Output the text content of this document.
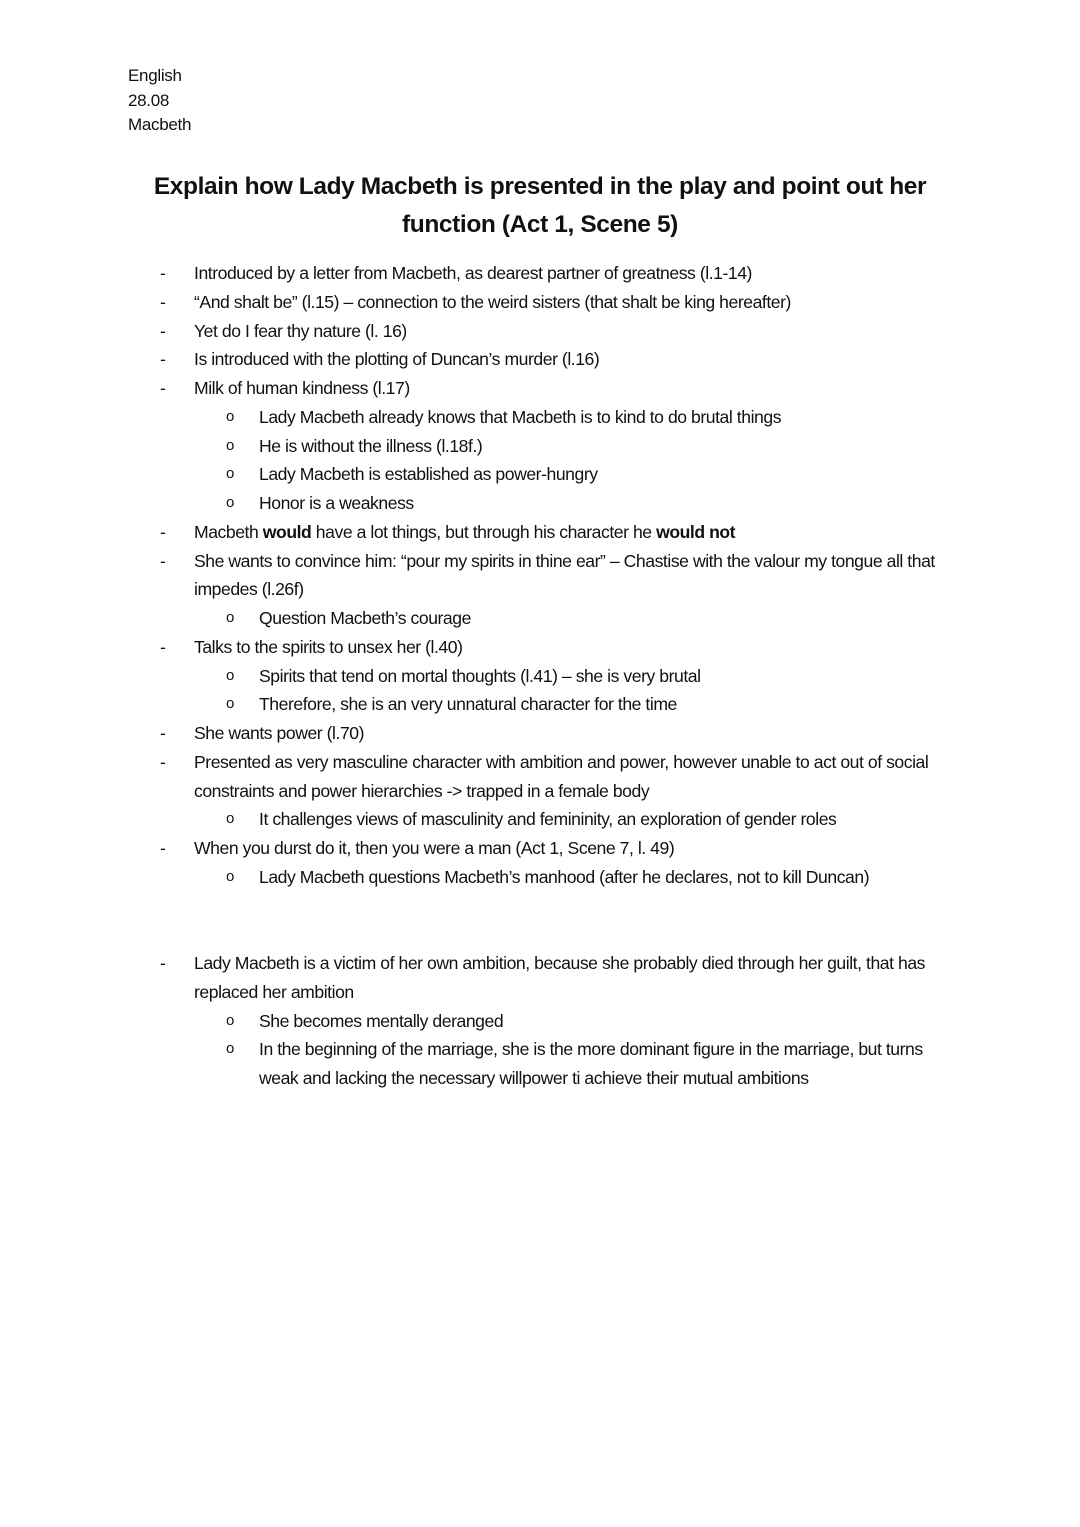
English
28.08
Macbeth
Explain how Lady Macbeth is presented in the play and point out her function (Act 1, Scene 5)
- Introduced by a letter from Macbeth, as dearest partner of greatness (l.1-14)
- “And shalt be” (l.15) – connection to the weird sisters (that shalt be king hereafter)
- Yet do I fear thy nature (l. 16)
- Is introduced with the plotting of Duncan’s murder (l.16)
- Milk of human kindness (l.17)
o Lady Macbeth already knows that Macbeth is to kind to do brutal things
o He is without the illness (l.18f.)
o Lady Macbeth is established as power-hungry
o Honor is a weakness
- Macbeth would have a lot things, but through his character he would not
- She wants to convince him: “pour my spirits in thine ear” – Chastise with the valour my tongue all that impedes (l.26f)
o Question Macbeth’s courage
- Talks to the spirits to unsex her (l.40)
o Spirits that tend on mortal thoughts (l.41) – she is very brutal
o Therefore, she is an very unnatural character for the time
- She wants power (l.70)
- Presented as very masculine character with ambition and power, however unable to act out of social constraints and power hierarchies -> trapped in a female body
o It challenges views of masculinity and femininity, an exploration of gender roles
- When you durst do it, then you were a man (Act 1, Scene 7, l. 49)
o Lady Macbeth questions Macbeth’s manhood (after he declares, not to kill Duncan)
- Lady Macbeth is a victim of her own ambition, because she probably died through her guilt, that has replaced her ambition
o She becomes mentally deranged
o In the beginning of the marriage, she is the more dominant figure in the marriage, but turns weak and lacking the necessary willpower ti achieve their mutual ambitions
